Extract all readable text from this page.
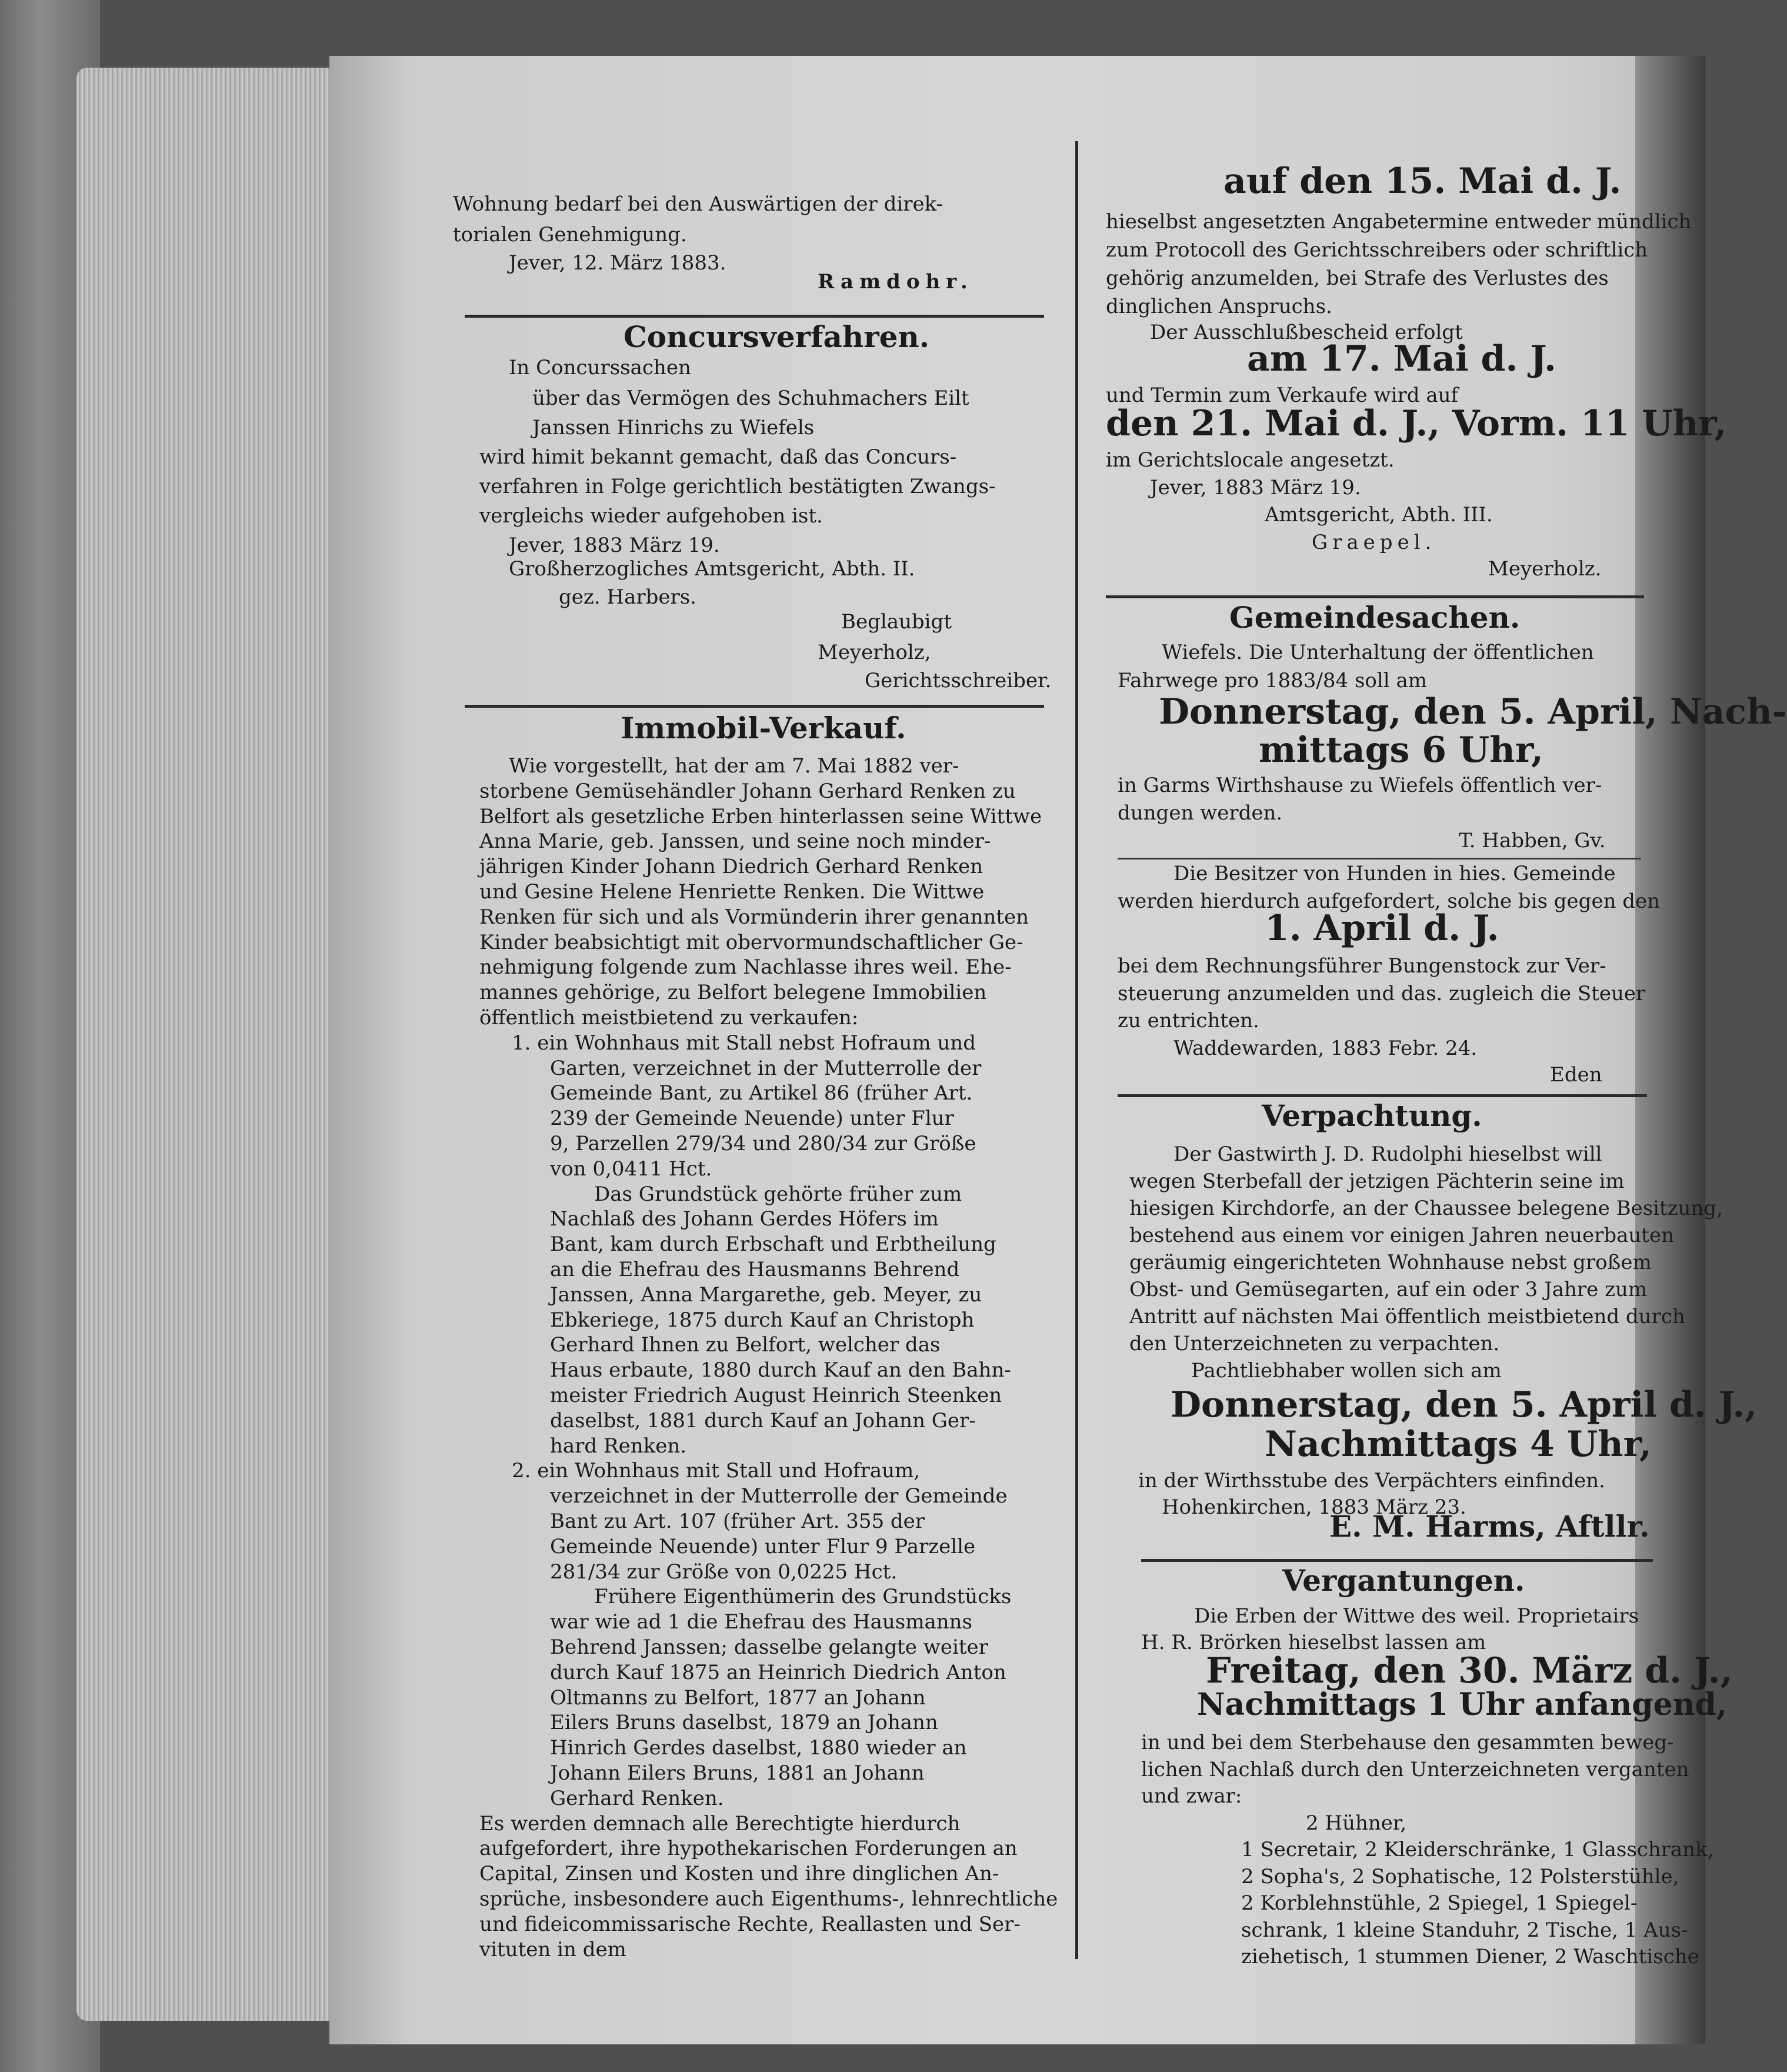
Wohnung bedarf bei den Auswärtigen der direk-
torialen Genehmigung.
Jever, 12. März 1883.
Ramdohr.
Concursverfahren.
In Concurssachen
über das Vermögen des Schuhmachers Eilt
Janssen Hinrichs zu Wiefels
wird himit bekannt gemacht, daß das Concurs-
verfahren in Folge gerichtlich bestätigten Zwangs-
vergleichs wieder aufgehoben ist.
Jever, 1883 März 19.
Großherzogliches Amtsgericht, Abth. II.
gez. Harbers.
Beglaubigt
Meyerholz,
Gerichtsschreiber.
Immobil-Verkauf.
Wie vorgestellt, hat der am 7. Mai 1882 ver-
storbene Gemüsehändler Johann Gerhard Renken zu
Belfort als gesetzliche Erben hinterlassen seine Wittwe
Anna Marie, geb. Janssen, und seine noch minder-
jährigen Kinder Johann Diedrich Gerhard Renken
und Gesine Helene Henriette Renken. Die Wittwe
Renken für sich und als Vormünderin ihrer genannten
Kinder beabsichtigt mit obervormundschaftlicher Ge-
nehmigung folgende zum Nachlasse ihres weil. Ehe-
mannes gehörige, zu Belfort belegene Immobilien
öffentlich meistbietend zu verkaufen:
1. ein Wohnhaus mit Stall nebst Hofraum und
Garten, verzeichnet in der Mutterrolle der
Gemeinde Bant, zu Artikel 86 (früher Art.
239 der Gemeinde Neuende) unter Flur
9, Parzellen 279/34 und 280/34 zur Größe
von 0,0411 Hct.
Das Grundstück gehörte früher zum
Nachlaß des Johann Gerdes Höfers im
Bant, kam durch Erbschaft und Erbtheilung
an die Ehefrau des Hausmanns Behrend
Janssen, Anna Margarethe, geb. Meyer, zu
Ebkeriege, 1875 durch Kauf an Christoph
Gerhard Ihnen zu Belfort, welcher das
Haus erbaute, 1880 durch Kauf an den Bahn-
meister Friedrich August Heinrich Steenken
daselbst, 1881 durch Kauf an Johann Ger-
hard Renken.
2. ein Wohnhaus mit Stall und Hofraum,
verzeichnet in der Mutterrolle der Gemeinde
Bant zu Art. 107 (früher Art. 355 der
Gemeinde Neuende) unter Flur 9 Parzelle
281/34 zur Größe von 0,0225 Hct.
Frühere Eigenthümerin des Grundstücks
war wie ad 1 die Ehefrau des Hausmanns
Behrend Janssen; dasselbe gelangte weiter
durch Kauf 1875 an Heinrich Diedrich Anton
Oltmanns zu Belfort, 1877 an Johann
Eilers Bruns daselbst, 1879 an Johann
Hinrich Gerdes daselbst, 1880 wieder an
Johann Eilers Bruns, 1881 an Johann
Gerhard Renken.
Es werden demnach alle Berechtigte hierdurch
aufgefordert, ihre hypothekarischen Forderungen an
Capital, Zinsen und Kosten und ihre dinglichen An-
sprüche, insbesondere auch Eigenthums-, lehnrechtliche
und fideicommissarische Rechte, Reallasten und Ser-
vituten in dem
auf den 15. Mai d. J.
hieselbst angesetzten Angabetermine entweder mündlich
zum Protocoll des Gerichtsschreibers oder schriftlich
gehörig anzumelden, bei Strafe des Verlustes des
dinglichen Anspruchs.
Der Ausschlußbescheid erfolgt
am 17. Mai d. J.
und Termin zum Verkaufe wird auf
den 21. Mai d. J., Vorm. 11 Uhr,
im Gerichtslocale angesetzt.
Jever, 1883 März 19.
Amtsgericht, Abth. III.
Graepel.
Meyerholz.
Gemeindesachen.
Wiefels. Die Unterhaltung der öffentlichen
Fahrwege pro 1883/84 soll am
Donnerstag, den 5. April, Nach-
mittags 6 Uhr,
in Garms Wirthshause zu Wiefels öffentlich ver-
dungen werden.
T. Habben, Gv.
Die Besitzer von Hunden in hies. Gemeinde
werden hierdurch aufgefordert, solche bis gegen den
1. April d. J.
bei dem Rechnungsführer Bungenstock zur Ver-
steuerung anzumelden und das. zugleich die Steuer
zu entrichten.
Waddewarden, 1883 Febr. 24.
Eden
Verpachtung.
Der Gastwirth J. D. Rudolphi hieselbst will
wegen Sterbefall der jetzigen Pächterin seine im
hiesigen Kirchdorfe, an der Chaussee belegene Besitzung,
bestehend aus einem vor einigen Jahren neuerbauten
geräumig eingerichteten Wohnhause nebst großem
Obst- und Gemüsegarten, auf ein oder 3 Jahre zum
Antritt auf nächsten Mai öffentlich meistbietend durch
den Unterzeichneten zu verpachten.
Pachtliebhaber wollen sich am
Donnerstag, den 5. April d. J.,
Nachmittags 4 Uhr,
in der Wirthsstube des Verpächters einfinden.
Hohenkirchen, 1883 März 23.
E. M. Harms, Aftllr.
Vergantungen.
Die Erben der Wittwe des weil. Proprietairs
H. R. Brörken hieselbst lassen am
Freitag, den 30. März d. J.,
Nachmittags 1 Uhr anfangend,
in und bei dem Sterbehause den gesammten beweg-
lichen Nachlaß durch den Unterzeichneten verganten
und zwar:
2 Hühner,
1 Secretair, 2 Kleiderschränke, 1 Glasschrank,
2 Sopha's, 2 Sophatische, 12 Polsterstühle,
2 Korblehnstühle, 2 Spiegel, 1 Spiegel-
schrank, 1 kleine Standuhr, 2 Tische, 1 Aus-
ziehetisch, 1 stummen Diener, 2 Waschtische
